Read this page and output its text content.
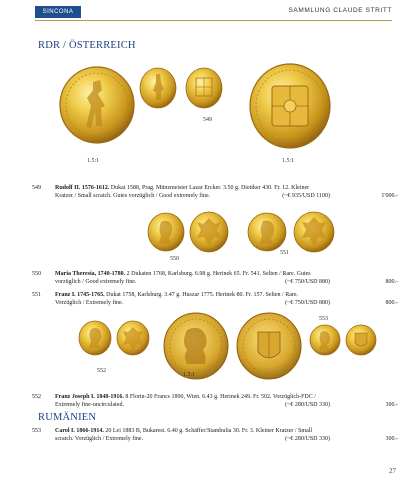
SINCONA	SAMMLUNG CLAUDE STRITT
RDR / ÖSTERREICH
549
1.5:1	1.5:1
549	Rudolf II. 1576-1612. Dukat 1588, Prag. Münzmeister Lazar Ercker. 3.50 g. Dietiker 430. Fr. 12. Kleiner
Kratzer / Small scratch. Gutes vorzüglich / Good extremely fine.	(~€ 935/USD 1100)	1'000.-
550
551
550	Maria Theresia, 1740-1780. 2 Dukaten 1768, Karlsburg. 6.98 g. Herinek 65. Fr. 541. Selten / Rare. Gutes
vorzüglich / Good extremely fine.	(~€ 750/USD 880)	800.-
551	Franz I. 1745-1765. Dukat 1758, Karlsburg. 3.47 g. Huszar 1775. Herinek 80. Fr. 157. Selten / Rare.
Vorzüglich / Extremely fine.	(~€ 750/USD 880)	800.-
552
1.5:1
553
552	Franz Joseph I. 1848-1916. 8 Florin-20 Francs 1890, Wien. 6.43 g. Herinek 249. Fr. 502. Vorzüglich-FDC /
Extremely fine-uncirculated.	(~€ 280/USD 330)	300.-
RUMÄNIEN
553	Carol I. 1866-1914. 20 Lei 1883 B, Bukarest. 6.40 g. Schäffer/Stambulia 30. Fr. 3. Kleiner Kratzer / Small
scratch. Vorzüglich / Extremely fine.	(~€ 280/USD 330)	300.-
27
